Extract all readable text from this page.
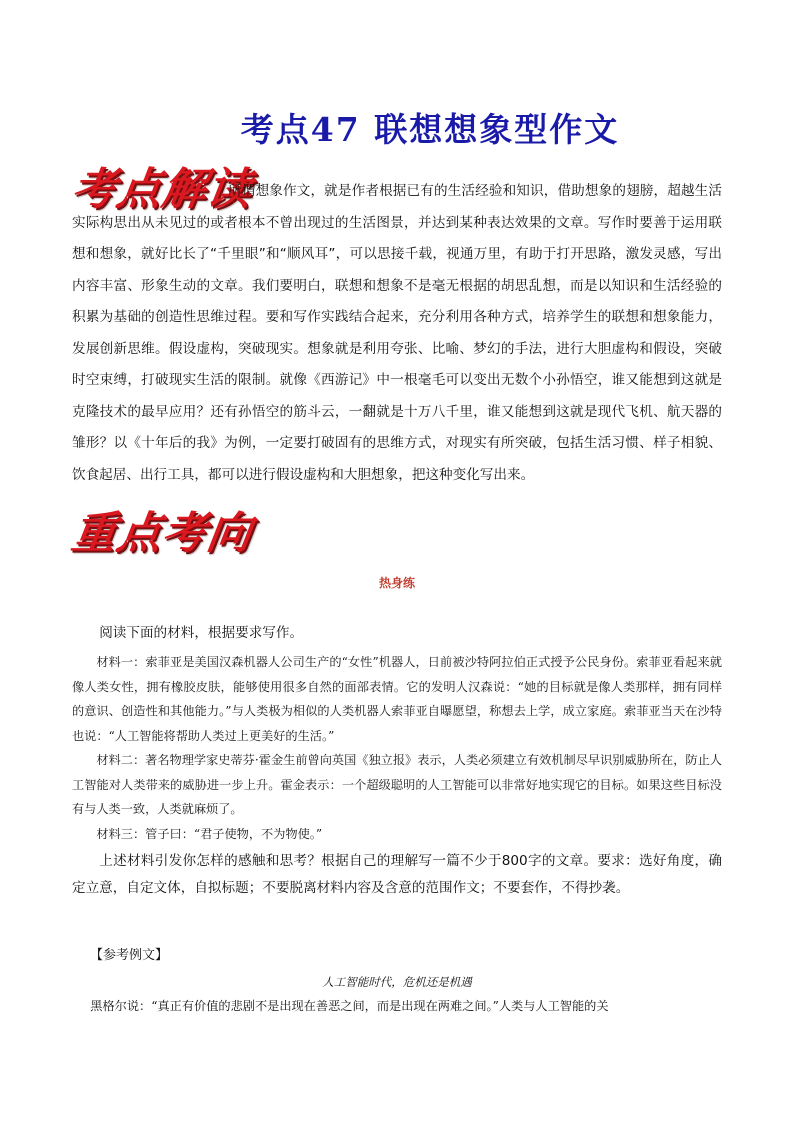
考点47 联想想象型作文
考点解读

所谓想象作文，就是作者根据已有的生活经验和知识，借助想象的翅膀，超越生活实际构思出从未见过的或者根本不曾出现过的生活图景，并达到某种表达效果的文章。写作时要善于运用联想和想象，就好比长了“千里眼”和“顺风耳”，可以思接千载，视通万里，有助于打开思路，激发灵感，写出内容丰富、形象生动的文章。我们要明白，联想和想象不是毫无根据的胡思乱想，而是以知识和生活经验的积累为基础的创造性思维过程。要和写作实践结合起来，充分利用各种方式，培养学生的联想和想象能力，发展创新思维。假设虚构，突破现实。想象就是利用夸张、比喻、梦幻的手法，进行大胆虚构和假设，突破时空束缚，打破现实生活的限制。就像《西游记》中一根毫毛可以变出无数个小孙悟空，谁又能想到这就是克隆技术的最早应用？还有孙悟空的筋斗云，一翻就是十万八千里，谁又能想到这就是现代飞机、航天器的雏形？以《十年后的我》为例，一定要打破固有的思维方式，对现实有所突破，包括生活习惯、样子相貌、饮食起居、出行工具，都可以进行假设虚构和大胆想象，把这种变化写出来。

重点考向
热身练

阅读下面的材料，根据要求写作。

材料一：索菲亚是美国汉森机器人公司生产的“女性”机器人，日前被沙特阿拉伯正式授予公民身份。索菲亚看起来就像人类女性，拥有橡胶皮肤，能够使用很多自然的面部表情。它的发明人汉森说：“她的目标就是像人类那样，拥有同样的意识、创造性和其他能力。”与人类极为相似的人类机器人索菲亚自曝愿望，称想去上学，成立家庭。索菲亚当天在沙特也说：“人工智能将帮助人类过上更美好的生活。”

材料二：著名物理学家史蒂芬·霍金生前曾向英国《独立报》表示，人类必须建立有效机制尽早识别威胁所在，防止人工智能对人类带来的威胁进一步上升。霍金表示：一个超级聪明的人工智能可以非常好地实现它的目标。如果这些目标没有与人类一致，人类就麻烦了。

材料三：管子曰：“君子使物，不为物使。”

上述材料引发你怎样的感触和思考？根据自己的理解写一篇不少于800字的文章。要求：选好角度，确定立意，自定文体，自拟标题；不要脱离材料内容及含意的范围作文；不要套作，不得抄袭。

【参考例文】
人工智能时代，危机还是机遇

黑格尔说：“真正有价值的悲剧不是出现在善恶之间，而是出现在两难之间。”人类与人工智能的关
